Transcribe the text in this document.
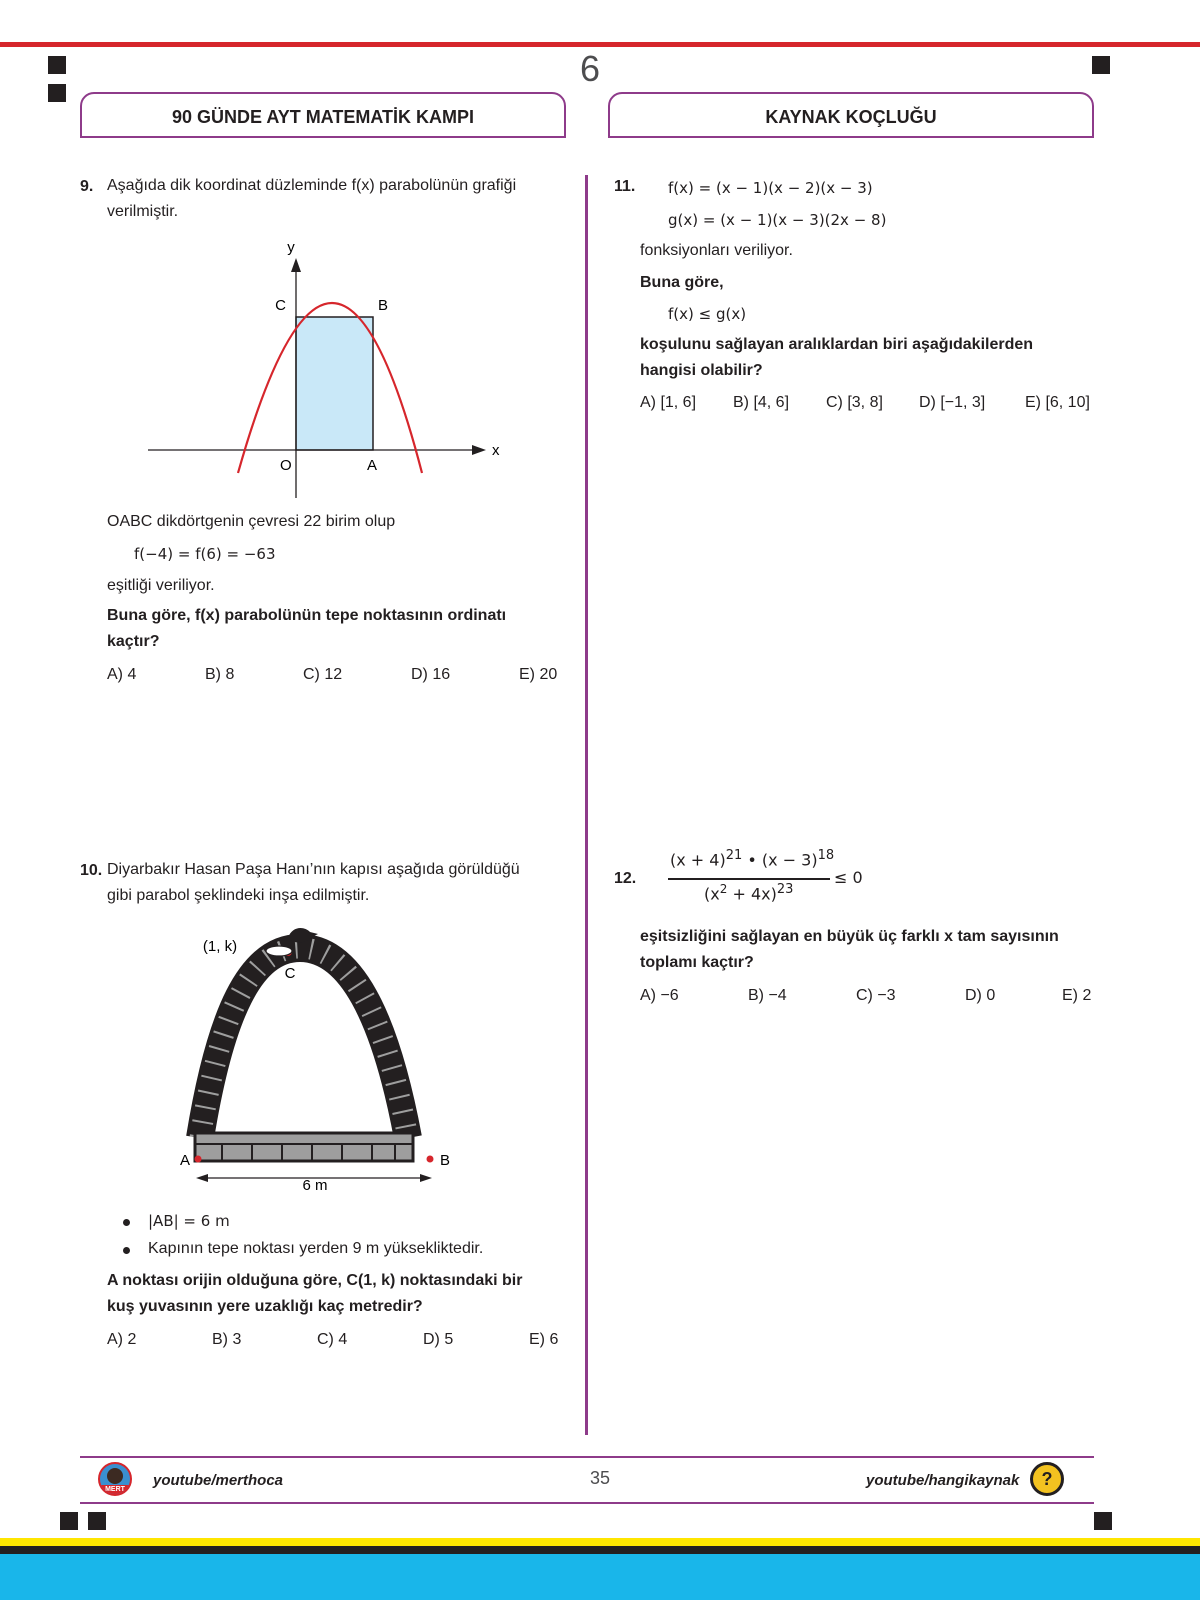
6
90 GÜNDE AYT MATEMATİK KAMPI	KAYNAK KOÇLUĞU
9. Aşağıda dik koordinat düzleminde f(x) parabolünün grafiği
verilmiştir.
y
x
C	B
O	A
OABC dikdörtgenin çevresi 22 birim olup
f(−4) = f(6) = −63
eşitliği veriliyor.
Buna göre, f(x) parabolünün tepe noktasının ordinatı
kaçtır?
A) 4	B) 8	C) 12	D) 16	E) 20
10. Diyarbakır Hasan Paşa Hanı’nın kapısı aşağıda görüldüğü
gibi parabol şeklindeki inşa edilmiştir.
(1, k)
C
A	B
6 m
|AB| = 6 m
Kapının tepe noktası yerden 9 m yüksekliktedir.
A noktası orijin olduğuna göre, C(1, k) noktasındaki bir
kuş yuvasının yere uzaklığı kaç metredir?
A) 2	B) 3	C) 4	D) 5	E) 6
11. f(x) = (x − 1)(x − 2)(x − 3)
g(x) = (x − 1)(x − 3)(2x − 8)
fonksiyonları veriliyor.
Buna göre,
f(x) ≤ g(x)
koşulunu sağlayan aralıklardan biri aşağıdakilerden
hangisi olabilir?
A) [1, 6] B) [4, 6] C) [3, 8] D) [−1, 3] E) [6, 10]
12.
$(x + 4)^{21}$ • $(x - 3)^{18}$
≤ 0
$(x^2 + 4x)^{23}$
eşitsizliğini sağlayan en büyük üç farklı x tam sayısının
toplamı kaçtır?
A) −6	B) −4	C) −3	D) 0	E) 2
MERT
youtube/merthoca	35	youtube/hangikaynak	?
